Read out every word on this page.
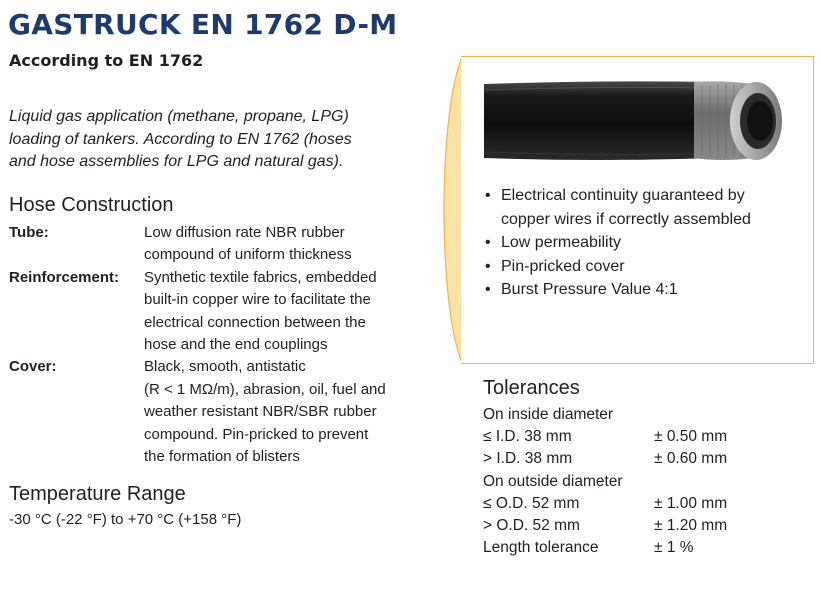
GASTRUCK EN 1762 D-M
According to EN 1762
Liquid gas application (methane, propane, LPG)
loading of tankers. According to EN 1762 (hoses
and hose assemblies for LPG and natural gas).
Hose Construction
Tube:	Low diffusion rate NBR rubber
compound of uniform thickness
Reinforcement:	Synthetic textile fabrics, embedded
built-in copper wire to facilitate the
electrical connection between the
hose and the end couplings
Cover:	Black, smooth, antistatic
(R < 1 MΩ/m), abrasion, oil, fuel and
weather resistant NBR/SBR rubber
compound. Pin-pricked to prevent
the formation of blisters
Temperature Range
-30 °C (-22 °F) to +70 °C (+158 °F)
• Electrical continuity guaranteed by
copper wires if correctly assembled
• Low permeability
• Pin-pricked cover
• Burst Pressure Value 4:1
Tolerances
On inside diameter
≤ I.D. 38 mm	± 0.50 mm
> I.D. 38 mm	± 0.60 mm
On outside diameter
≤ O.D. 52 mm	± 1.00 mm
> O.D. 52 mm	± 1.20 mm
Length tolerance	± 1 %
